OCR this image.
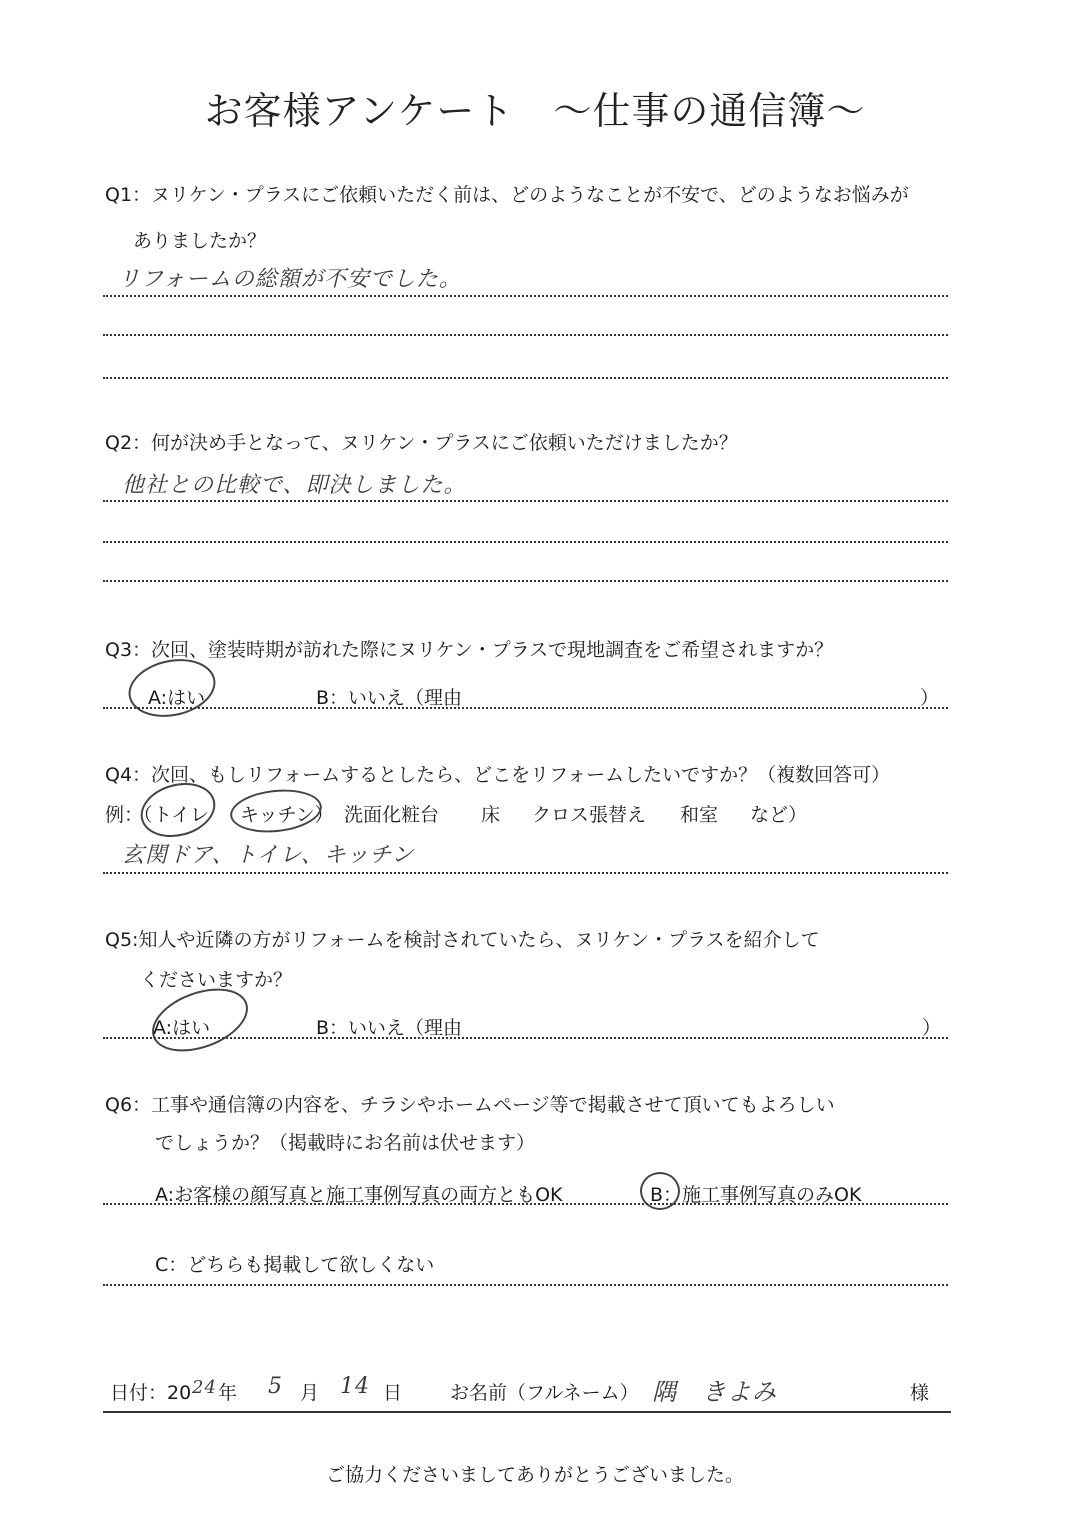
お客様アンケート　～仕事の通信簿～
Q1：ヌリケン・プラスにご依頼いただく前は、どのようなことが不安で、どのようなお悩みが
ありましたか？
リフォームの総額が不安でした。
Q2：何が決め手となって、ヌリケン・プラスにご依頼いただけましたか？
他社との比較で、即決しました。
Q3：次回、塗装時期が訪れた際にヌリケン・プラスで現地調査をご希望されますか？
A:はい	B：いいえ（理由	）
Q4：次回、もしリフォームするとしたら、どこをリフォームしたいですか？（複数回答可）
例：（ トイレ キッチン） 洗面化粧台 床 クロス張替え 和室 など）
玄関ドア、トイレ、キッチン
Q5:知人や近隣の方がリフォームを検討されていたら、ヌリケン・プラスを紹介して
くださいますか？
A:はい	B：いいえ（理由	）
Q6：工事や通信簿の内容を、チラシやホームページ等で掲載させて頂いてもよろしい
でしょうか？（掲載時にお名前は伏せます）
A:お客様の顔写真と施工事例写真の両方ともOK	B：施工事例写真のみOK
C：どちらも掲載して欲しくない
日付：20 24 年 5 月 14 日	お名前（フルネーム） 隅　きよみ	様
ご協力くださいましてありがとうございました。
